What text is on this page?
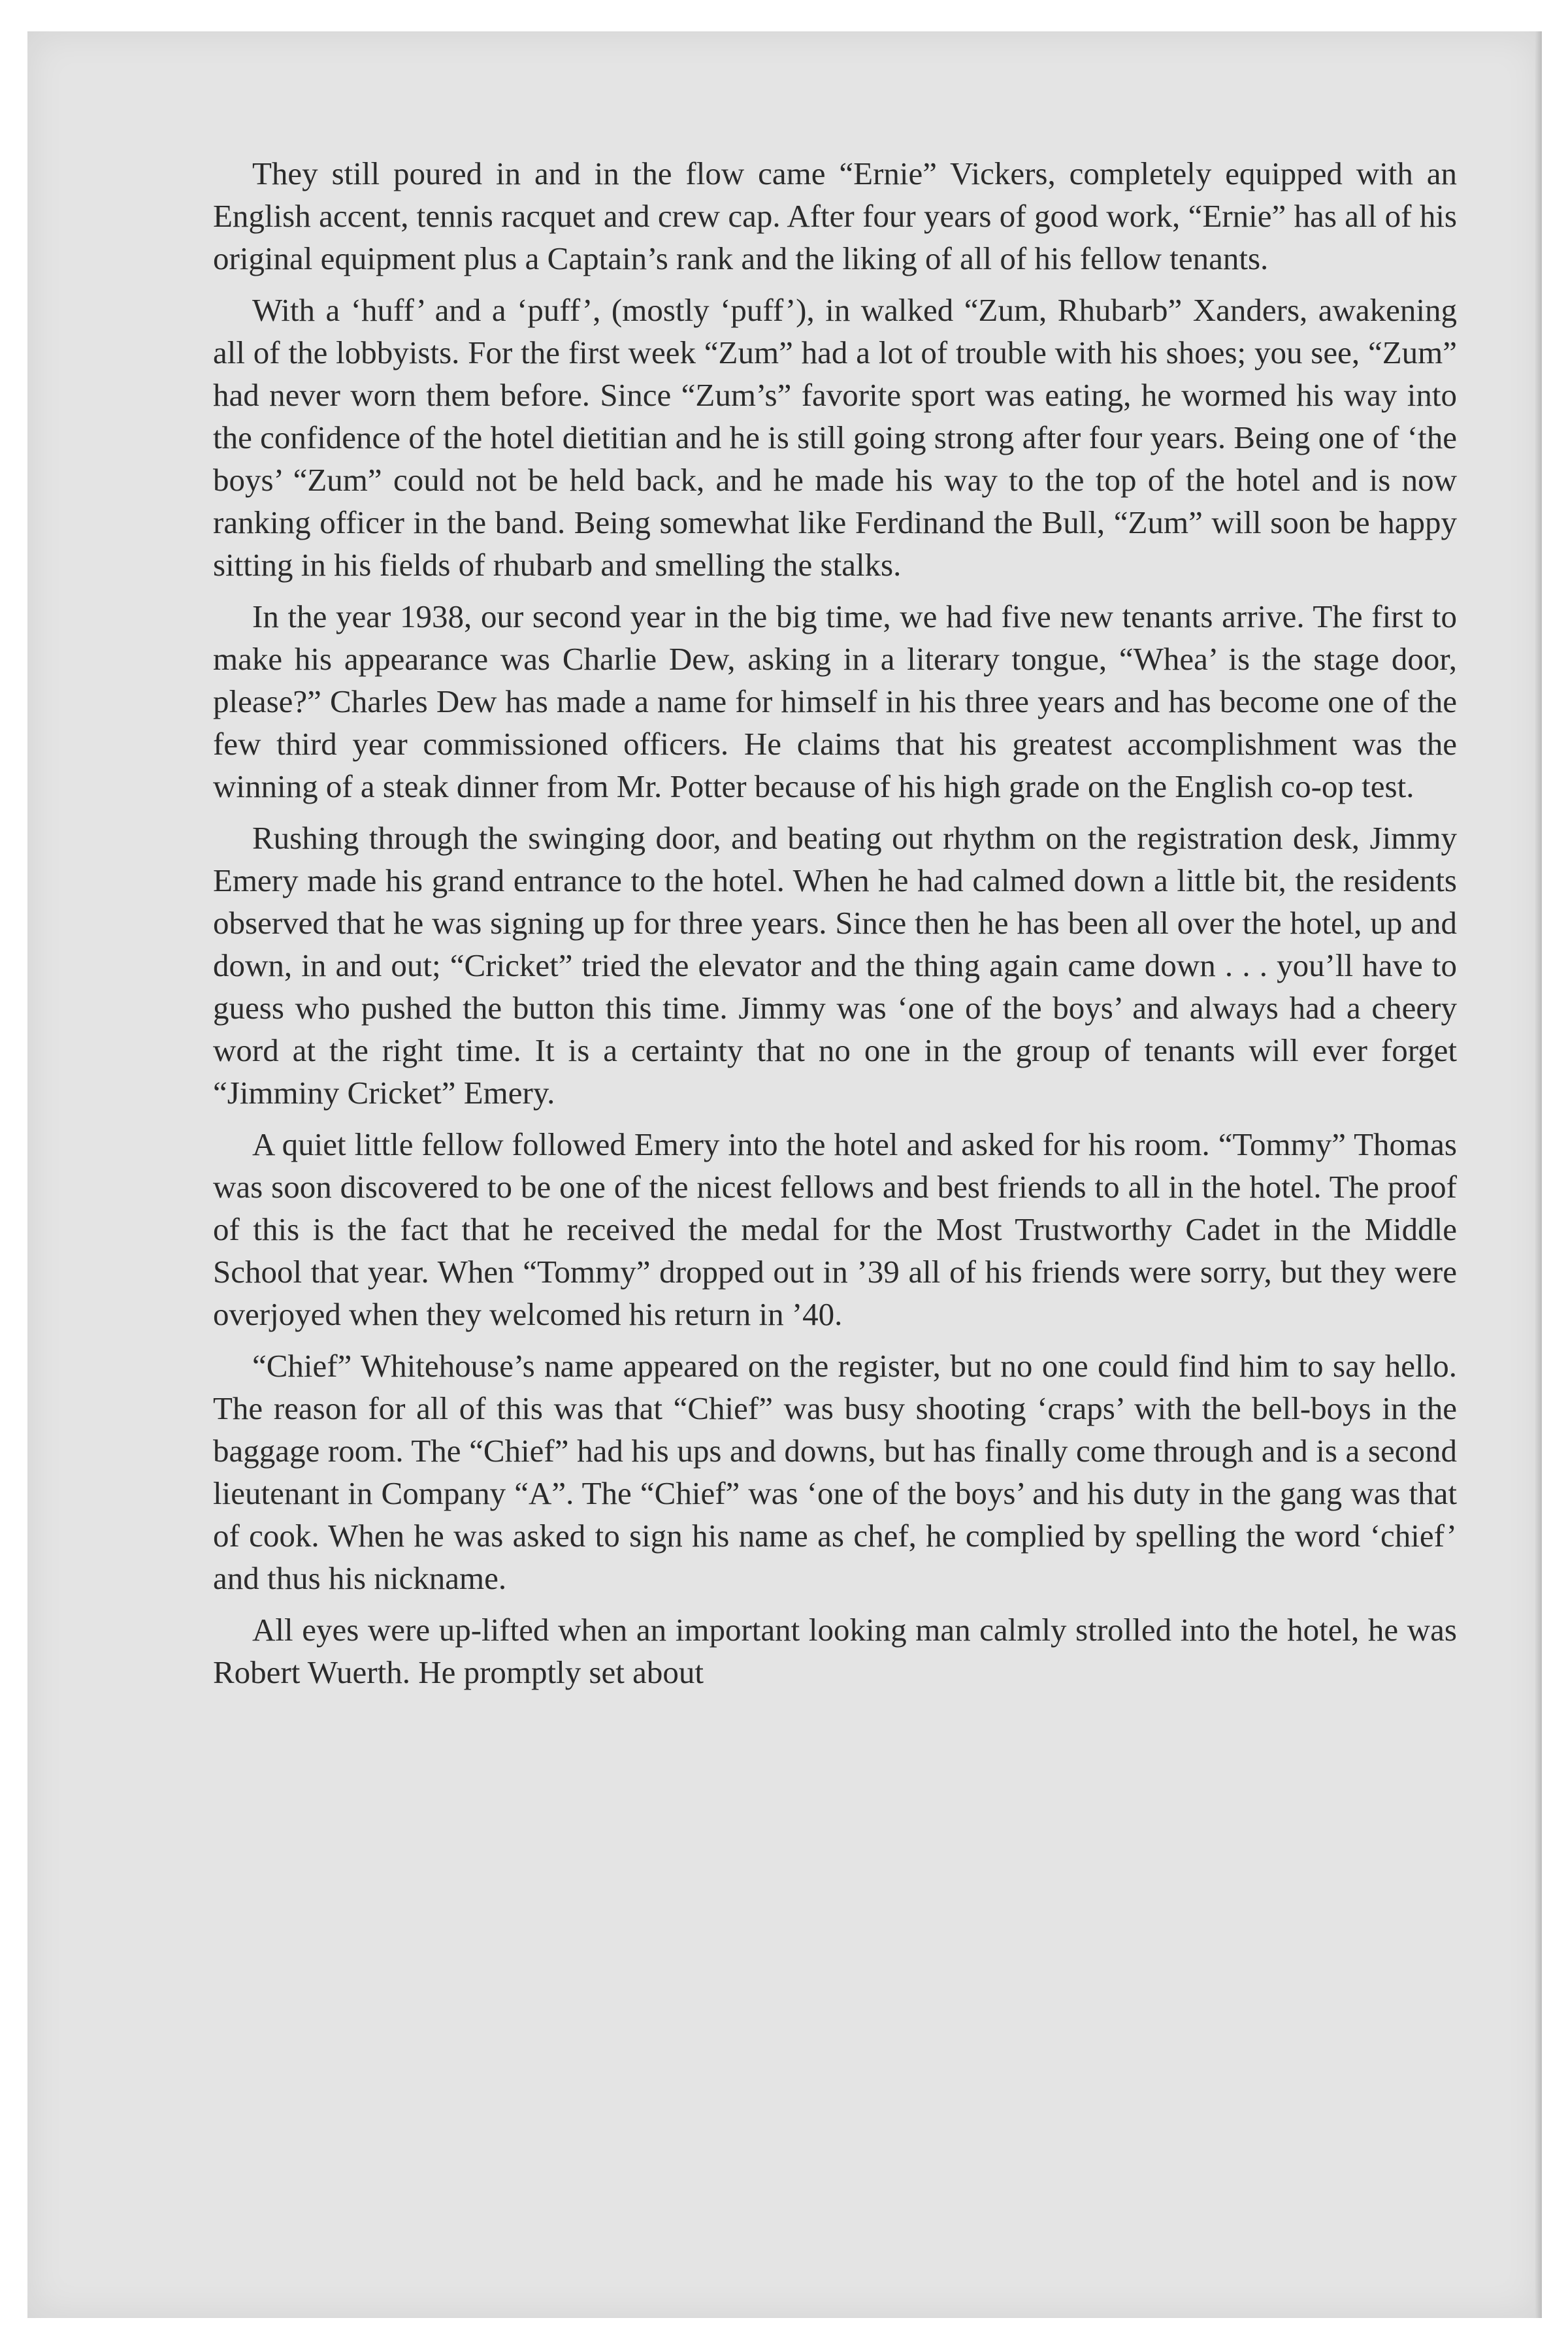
They still poured in and in the flow came “Ernie” Vickers, completely equipped with an English accent, tennis racquet and crew cap. After four years of good work, “Ernie” has all of his original equipment plus a Captain’s rank and the liking of all of his fellow tenants.

With a ‘huff’ and a ‘puff’, (mostly ‘puff’), in walked “Zum, Rhubarb” Xanders, awakening all of the lobbyists. For the first week “Zum” had a lot of trouble with his shoes; you see, “Zum” had never worn them before. Since “Zum’s” favorite sport was eating, he wormed his way into the confidence of the hotel dietitian and he is still going strong after four years. Being one of ‘the boys’ “Zum” could not be held back, and he made his way to the top of the hotel and is now ranking officer in the band. Being somewhat like Ferdinand the Bull, “Zum” will soon be happy sitting in his fields of rhubarb and smelling the stalks.

In the year 1938, our second year in the big time, we had five new tenants arrive. The first to make his appearance was Charlie Dew, asking in a literary tongue, “Whea’ is the stage door, please?” Charles Dew has made a name for himself in his three years and has become one of the few third year commissioned officers. He claims that his greatest accomplishment was the winning of a steak dinner from Mr. Potter because of his high grade on the English co-op test.

Rushing through the swinging door, and beating out rhythm on the registration desk, Jimmy Emery made his grand entrance to the hotel. When he had calmed down a little bit, the residents observed that he was signing up for three years. Since then he has been all over the hotel, up and down, in and out; “Cricket” tried the elevator and the thing again came down . . . you’ll have to guess who pushed the button this time. Jimmy was ‘one of the boys’ and always had a cheery word at the right time. It is a certainty that no one in the group of tenants will ever forget “Jimminy Cricket” Emery.

A quiet little fellow followed Emery into the hotel and asked for his room. “Tommy” Thomas was soon discovered to be one of the nicest fellows and best friends to all in the hotel. The proof of this is the fact that he received the medal for the Most Trustworthy Cadet in the Middle School that year. When “Tommy” dropped out in ’39 all of his friends were sorry, but they were overjoyed when they welcomed his return in ’40.

“Chief” Whitehouse’s name appeared on the register, but no one could find him to say hello. The reason for all of this was that “Chief” was busy shooting ‘craps’ with the bell-boys in the baggage room. The “Chief” had his ups and downs, but has finally come through and is a second lieutenant in Company “A”. The “Chief” was ‘one of the boys’ and his duty in the gang was that of cook. When he was asked to sign his name as chef, he complied by spelling the word ‘chief’ and thus his nickname.

All eyes were up-lifted when an important looking man calmly strolled into the hotel, he was Robert Wuerth. He promptly set about
